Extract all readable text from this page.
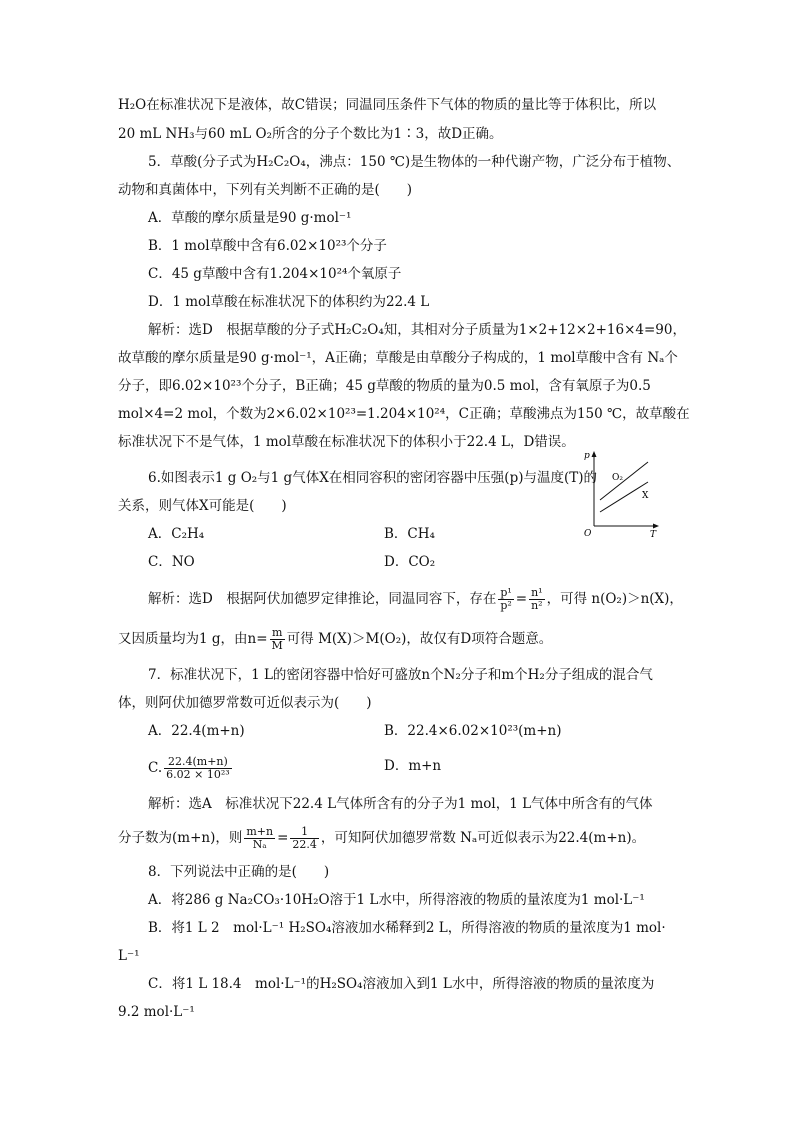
H₂O在标准状况下是液体，故C错误；同温同压条件下气体的物质的量比等于体积比，所以
20 mL NH₃与60 mL O₂所含的分子个数比为1∶3，故D正确。
5．草酸(分子式为H₂C₂O₄，沸点：150 ℃)是生物体的一种代谢产物，广泛分布于植物、
动物和真菌体中，下列有关判断不正确的是(　　)
A．草酸的摩尔质量是90 g·mol⁻¹
B．1 mol草酸中含有6.02×10²³个分子
C．45 g草酸中含有1.204×10²⁴个氧原子
D．1 mol草酸在标准状况下的体积约为22.4 L
解析：选D　根据草酸的分子式H₂C₂O₄知，其相对分子质量为1×2+12×2+16×4=90，
故草酸的摩尔质量是90 g·mol⁻¹，A正确；草酸是由草酸分子构成的，1 mol草酸中含有 Nₐ个
分子，即6.02×10²³个分子，B正确；45 g草酸的物质的量为0.5 mol，含有氧原子为0.5
mol×4=2 mol，个数为2×6.02×10²³=1.204×10²⁴，C正确；草酸沸点为150 ℃，故草酸在
标准状况下不是气体，1 mol草酸在标准状况下的体积小于22.4 L，D错误。
6.如图表示1 g O₂与1 g气体X在相同容积的密闭容器中压强(p)与温度(T)的
关系，则气体X可能是(　　)
A．C₂H₄	B．CH₄
C．NO	D．CO₂
p
T
O
O₂
X
解析：选D　根据阿伏加德罗定律推论，同温同容下，存在 $\frac{\text{p¹}}{\text{p²}} = \frac{\text{n¹}}{\text{n²}}$ ，可得 n(O₂)＞n(X)，
又因质量均为1 g，由$n= \frac{m}{M}$ 可得 M(X)＞M(O₂)，故仅有D项符合题意。
7．标准状况下，1 L的密闭容器中恰好可盛放n个N₂分子和m个H₂分子组成的混合气
体，则阿伏加德罗常数可近似表示为(　　)
A．22.4(m+n)	B．22.4×6.02×10²³(m+n)
C. $\frac{22.4(m+n)}{\text{6.02 × 10²³}}$	D．m+n
解析：选A　标准状况下22.4 L气体所含有的分子为1 mol，1 L气体中所含有的气体
分子数为(m+n)，则 $\frac{m+n}{\text{Nₐ}} = \frac{1}{22.4}$ ，可知阿伏加德罗常数 Nₐ可近似表示为22.4(m+n)。
8．下列说法中正确的是(　　)
A．将286 g Na₂CO₃·10H₂O溶于1 L水中，所得溶液的物质的量浓度为1 mol·L⁻¹
B．将1 L 2　mol·L⁻¹ H₂SO₄溶液加水稀释到2 L，所得溶液的物质的量浓度为1 mol·
L⁻¹
C．将1 L 18.4　mol·L⁻¹的H₂SO₄溶液加入到1 L水中，所得溶液的物质的量浓度为
9.2 mol·L⁻¹
